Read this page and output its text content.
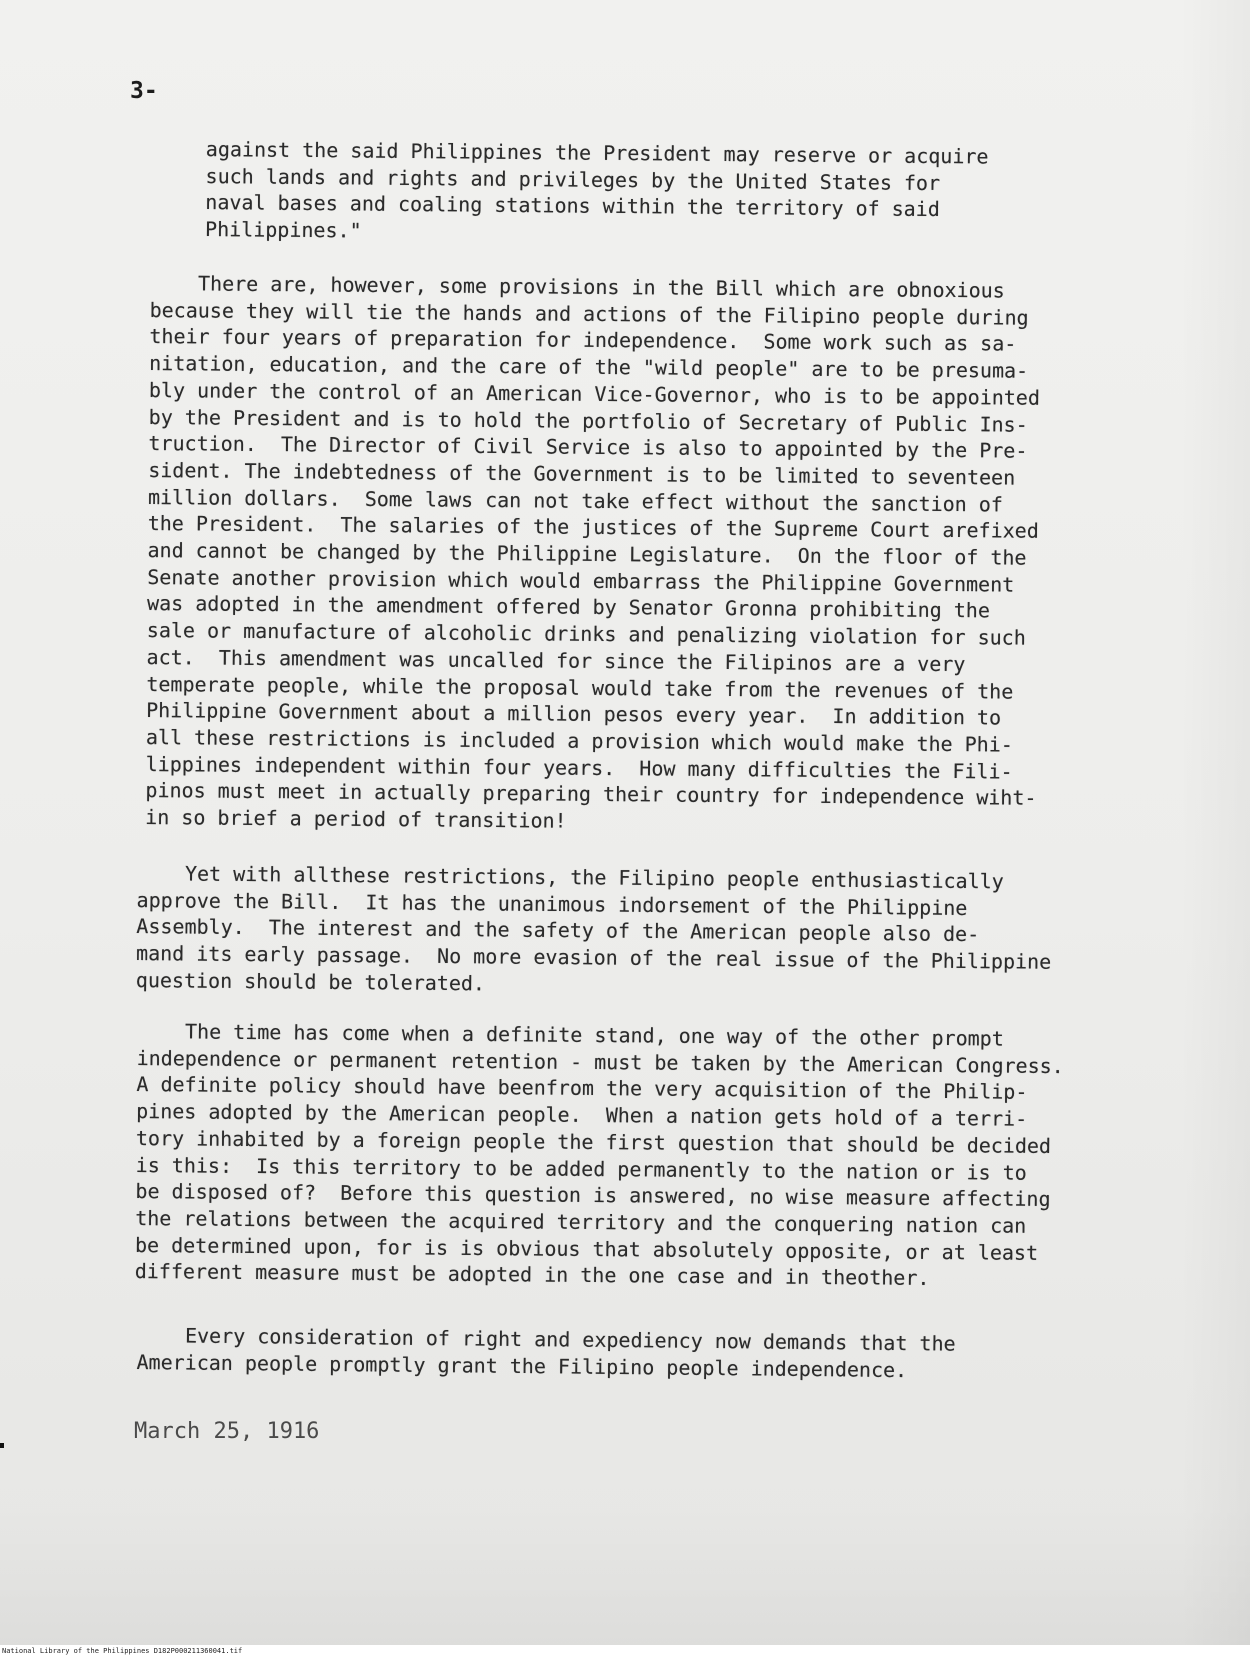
3-
against the said Philippines the President may reserve or acquire
such lands and rights and privileges by the United States for
naval bases and coaling stations within the territory of said
Philippines."
There are, however, some provisions in the Bill which are obnoxious
because they will tie the hands and actions of the Filipino people during
their four years of preparation for independence.  Some work such as sa-
nitation, education, and the care of the "wild people" are to be presuma-
bly under the control of an American Vice-Governor, who is to be appointed
by the President and is to hold the portfolio of Secretary of Public Ins-
truction.  The Director of Civil Service is also to appointed by the Pre-
sident. The indebtedness of the Government is to be limited to seventeen
million dollars.  Some laws can not take effect without the sanction of
the President.  The salaries of the justices of the Supreme Court arefixed
and cannot be changed by the Philippine Legislature.  On the floor of the
Senate another provision which would embarrass the Philippine Government
was adopted in the amendment offered by Senator Gronna prohibiting the
sale or manufacture of alcoholic drinks and penalizing violation for such
act.  This amendment was uncalled for since the Filipinos are a very
temperate people, while the proposal would take from the revenues of the
Philippine Government about a million pesos every year.  In addition to
all these restrictions is included a provision which would make the Phi-
lippines independent within four years.  How many difficulties the Fili-
pinos must meet in actually preparing their country for independence wiht-
in so brief a period of transition!
Yet with allthese restrictions, the Filipino people enthusiastically
approve the Bill.  It has the unanimous indorsement of the Philippine
Assembly.  The interest and the safety of the American people also de-
mand its early passage.  No more evasion of the real issue of the Philippine
question should be tolerated.
The time has come when a definite stand, one way of the other prompt
independence or permanent retention - must be taken by the American Congress.
A definite policy should have beenfrom the very acquisition of the Philip-
pines adopted by the American people.  When a nation gets hold of a terri-
tory inhabited by a foreign people the first question that should be decided
is this:  Is this territory to be added permanently to the nation or is to
be disposed of?  Before this question is answered, no wise measure affecting
the relations between the acquired territory and the conquering nation can
be determined upon, for is is obvious that absolutely opposite, or at least
different measure must be adopted in the one case and in theother.
Every consideration of right and expediency now demands that the
American people promptly grant the Filipino people independence.
March 25, 1916
National Library of the Philippines D182P000211360041.tif
